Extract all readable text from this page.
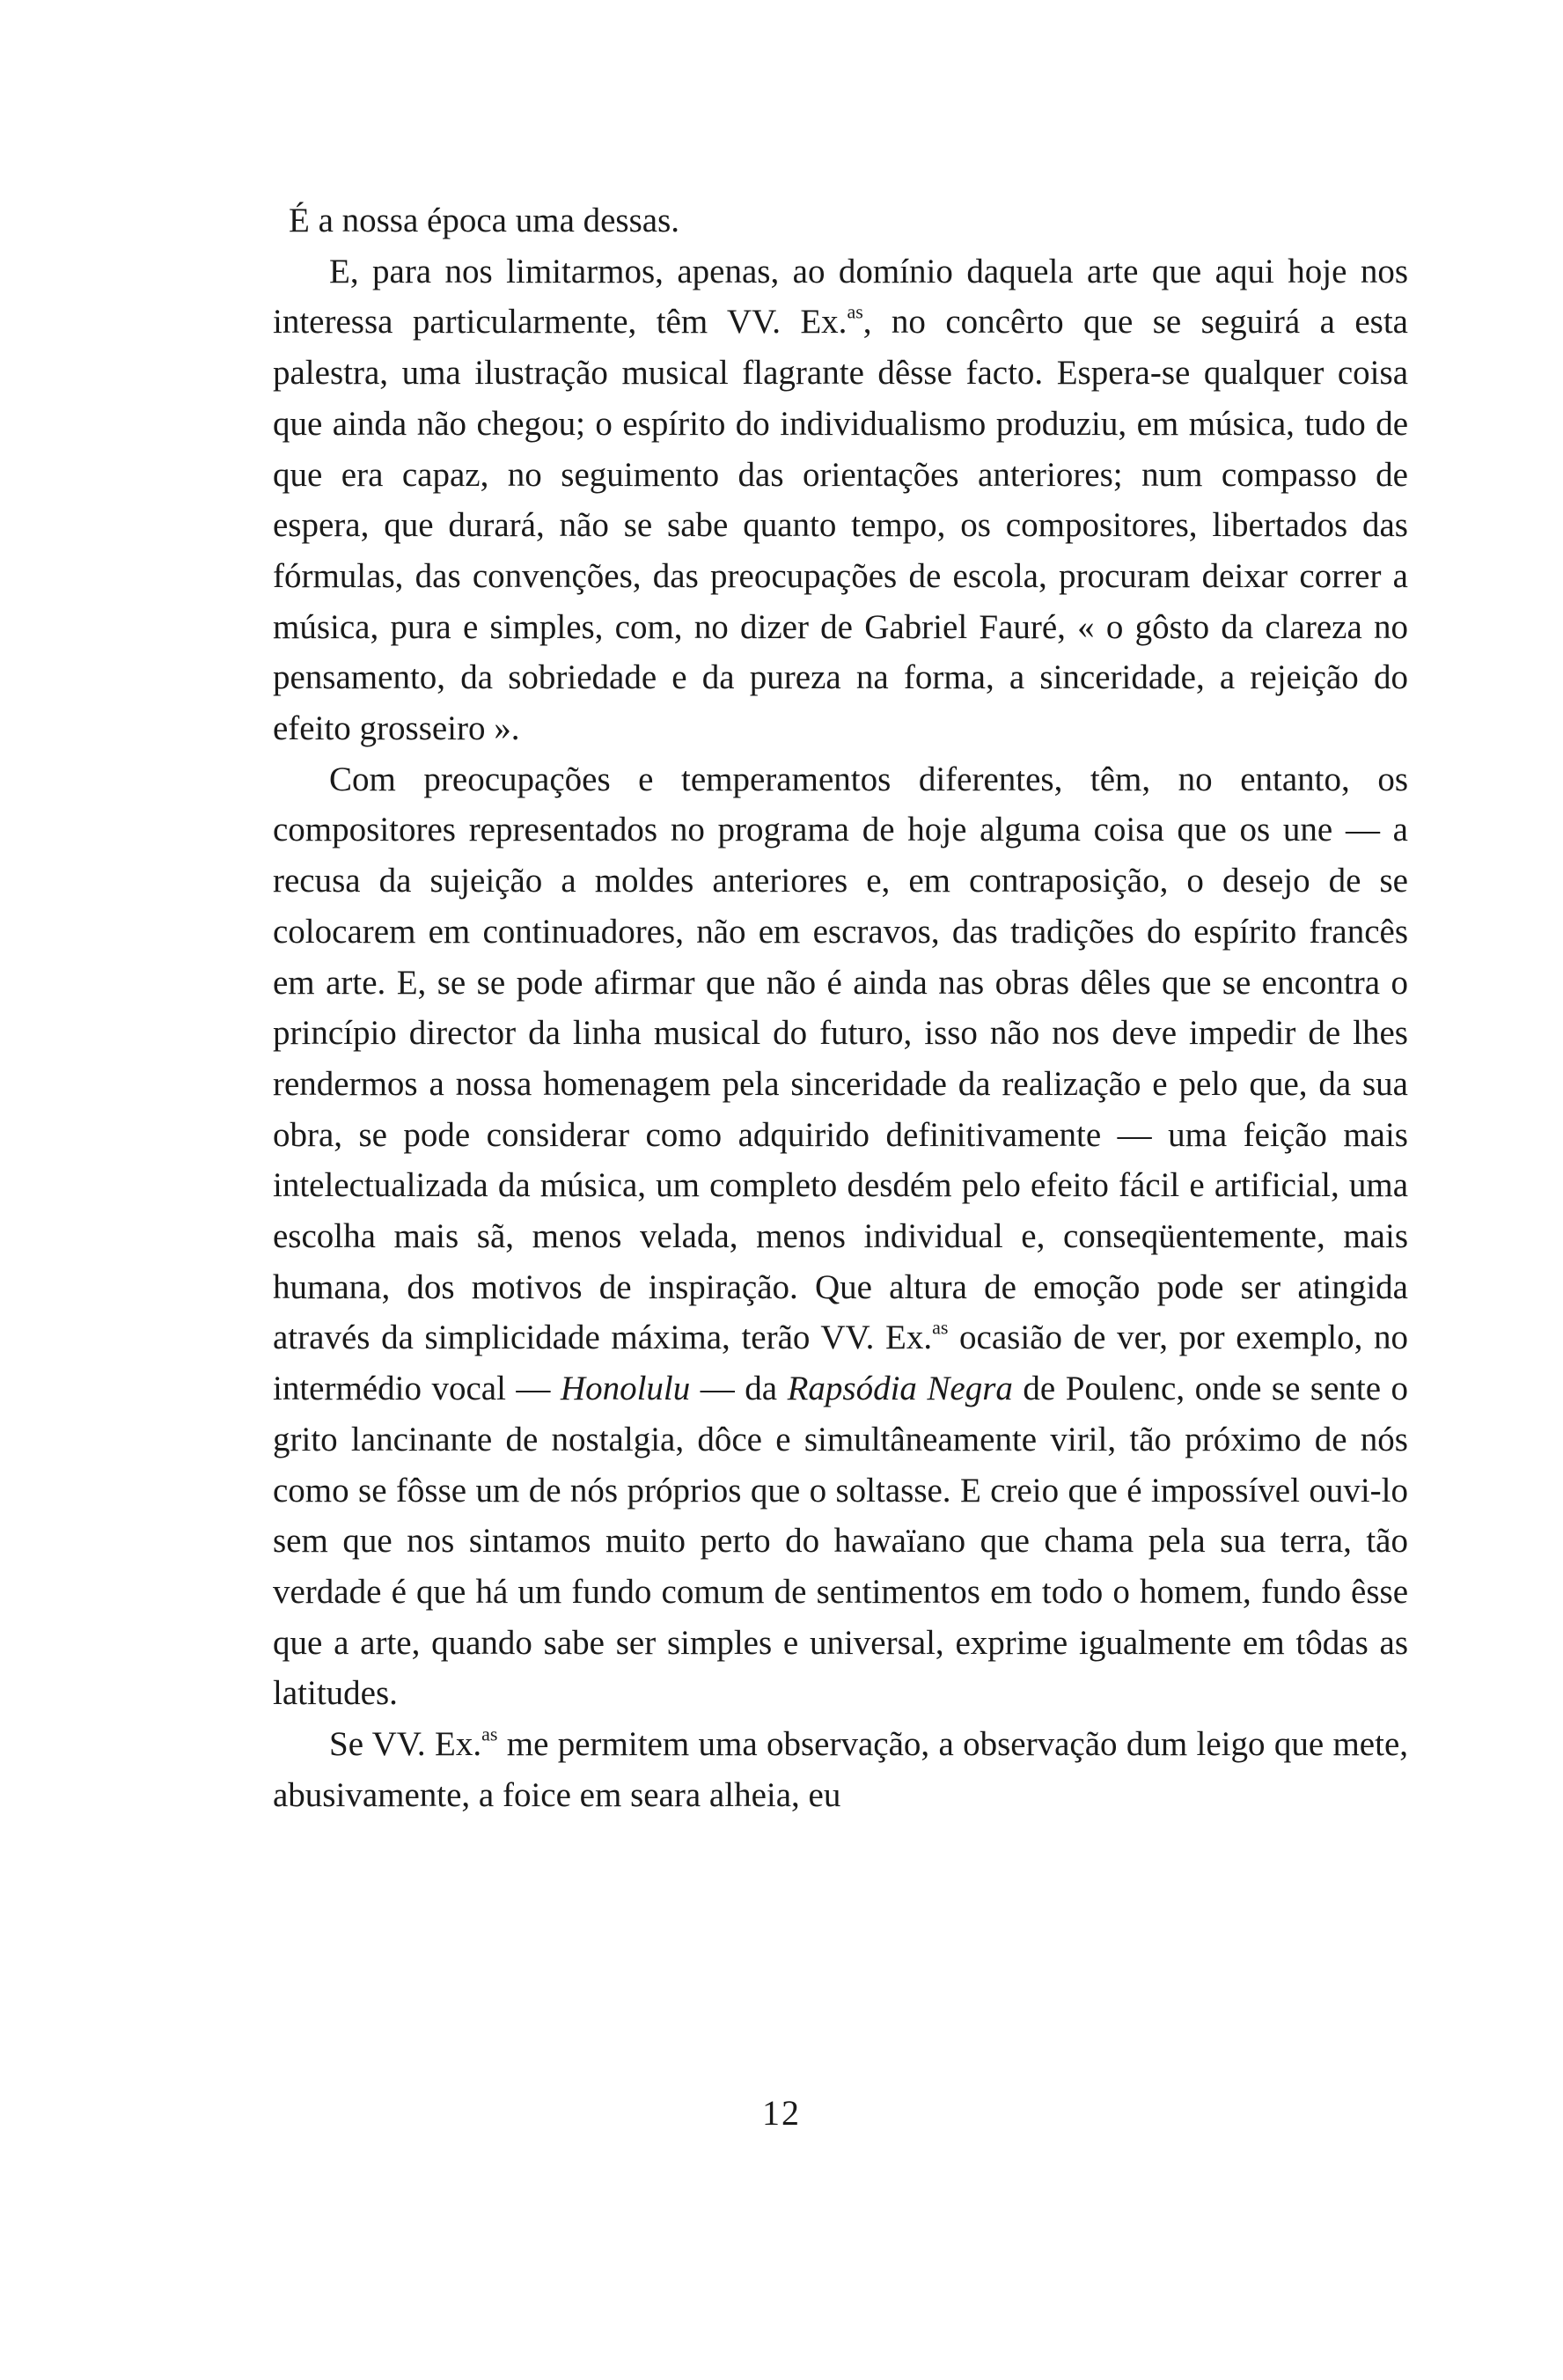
É a nossa época uma dessas.

E, para nos limitarmos, apenas, ao domínio daquela arte que aqui hoje nos interessa particularmente, têm VV. Ex.$^{as}$, no concêrto que se seguirá a esta palestra, uma ilustração musical flagrante dêsse facto. Espera-se qualquer coisa que ainda não chegou; o espírito do individualismo produziu, em música, tudo de que era capaz, no seguimento das orientações anteriores; num compasso de espera, que durará, não se sabe quanto tempo, os compositores, libertados das fórmulas, das convenções, das preocupações de escola, procuram deixar correr a música, pura e simples, com, no dizer de Gabriel Fauré, « o gôsto da clareza no pensamento, da sobriedade e da pureza na forma, a sinceridade, a rejeição do efeito grosseiro ».

Com preocupações e temperamentos diferentes, têm, no entanto, os compositores representados no programa de hoje alguma coisa que os une — a recusa da sujeição a moldes anteriores e, em contraposição, o desejo de se colocarem em continuadores, não em escravos, das tradições do espírito francês em arte. E, se se pode afirmar que não é ainda nas obras dêles que se encontra o princípio director da linha musical do futuro, isso não nos deve impedir de lhes rendermos a nossa homenagem pela sinceridade da realização e pelo que, da sua obra, se pode considerar como adquirido definitivamente — uma feição mais intelectualizada da música, um completo desdém pelo efeito fácil e artificial, uma escolha mais sã, menos velada, menos individual e, conseqüentemente, mais humana, dos motivos de inspiração. Que altura de emoção pode ser atingida através da simplicidade máxima, terão VV. Ex.$^{as}$ ocasião de ver, por exemplo, no intermédio vocal — Honolulu — da Rapsódia Negra de Poulenc, onde se sente o grito lancinante de nostalgia, dôce e simultâneamente viril, tão próximo de nós como se fôsse um de nós próprios que o soltasse. E creio que é impossível ouvi-lo sem que nos sintamos muito perto do hawaïano que chama pela sua terra, tão verdade é que há um fundo comum de sentimentos em todo o homem, fundo êsse que a arte, quando sabe ser simples e universal, exprime igualmente em tôdas as latitudes.

Se VV. Ex.$^{as}$ me permitem uma observação, a observação dum leigo que mete, abusivamente, a foice em seara alheia, eu

12
